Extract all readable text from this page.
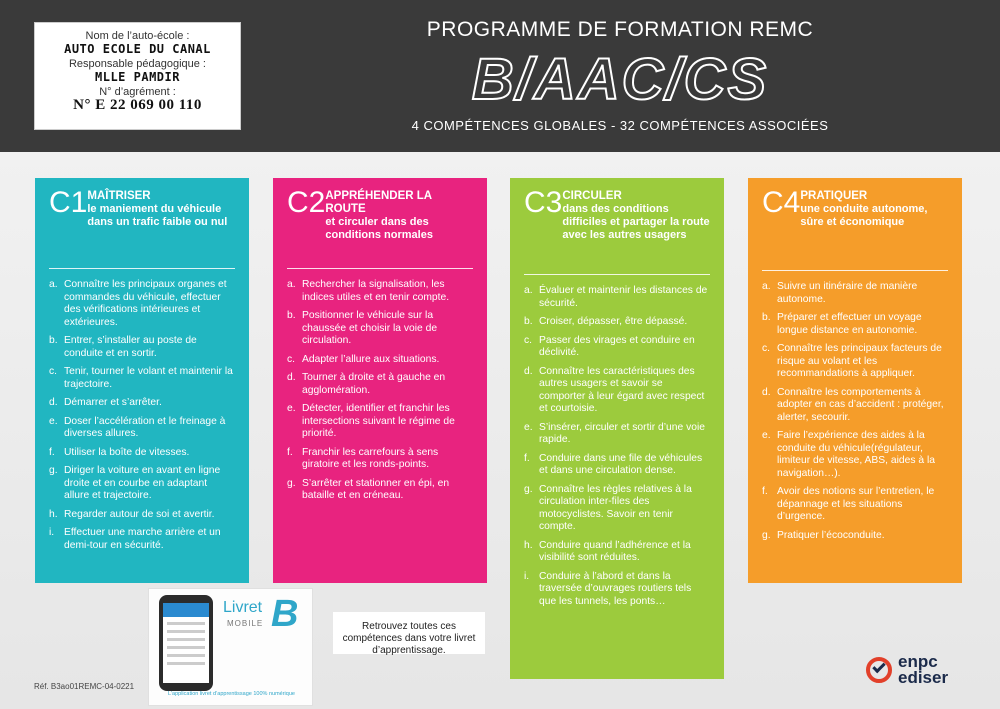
Nom de l’auto-école :
AUTO ECOLE DU CANAL
Responsable pédagogique :
MLLE PAMDIR
N° d’agrément :
N° E 22 069 00 110
PROGRAMME DE FORMATION REMC
B/AAC/CS
4 COMPÉTENCES GLOBALES - 32 COMPÉTENCES ASSOCIÉES
C1 MAÎTRISER
le maniement du véhicule dans un trafic faible ou nul
a. Connaître les principaux organes et commandes du véhicule, effectuer des vérifications intérieures et extérieures.
b. Entrer, s’installer au poste de conduite et en sortir.
c. Tenir, tourner le volant et maintenir la trajectoire.
d. Démarrer et s’arrêter.
e. Doser l’accélération et le freinage à diverses allures.
f. Utiliser la boîte de vitesses.
g. Diriger la voiture en avant en ligne droite et en courbe en adaptant allure et trajectoire.
h. Regarder autour de soi et avertir.
i. Effectuer une marche arrière et un demi-tour en sécurité.
C2 APPRÉHENDER LA ROUTE
et circuler dans des conditions normales
a. Rechercher la signalisation, les indices utiles et en tenir compte.
b. Positionner le véhicule sur la chaussée et choisir la voie de circulation.
c. Adapter l’allure aux situations.
d. Tourner à droite et à gauche en agglomération.
e. Détecter, identifier et franchir les intersections suivant le régime de priorité.
f. Franchir les carrefours à sens giratoire et les ronds-points.
g. S’arrêter et stationner en épi, en bataille et en créneau.
C3 CIRCULER
dans des conditions difficiles et partager la route avec les autres usagers
a. Évaluer et maintenir les distances de sécurité.
b. Croiser, dépasser, être dépassé.
c. Passer des virages et conduire en déclivité.
d. Connaître les caractéristiques des autres usagers et savoir se comporter à leur égard avec respect et courtoisie.
e. S’insérer, circuler et sortir d’une voie rapide.
f. Conduire dans une file de véhicules et dans une circulation dense.
g. Connaître les règles relatives à la circulation inter-files des motocyclistes. Savoir en tenir compte.
h. Conduire quand l’adhérence et la visibilité sont réduites.
i. Conduire à l’abord et dans la traversée d’ouvrages routiers tels que les tunnels, les ponts…
C4 PRATIQUER
une conduite autonome, sûre et économique
a. Suivre un itinéraire de manière autonome.
b. Préparer et effectuer un voyage longue distance en autonomie.
c. Connaître les principaux facteurs de risque au volant et les recommandations à appliquer.
d. Connaître les comportements à adopter en cas d’accident : protéger, alerter, secourir.
e. Faire l’expérience des aides à la conduite du véhicule(régulateur, limiteur de vitesse, ABS, aides à la navigation…).
f. Avoir des notions sur l’entretien, le dépannage et les situations d’urgence.
g. Pratiquer l’écoconduite.
Livret B
MOBILE
L’application livret d’apprentissage 100% numérique
Retrouvez toutes ces compétences dans votre livret d’apprentissage.
Réf. B3ao01REMC-04-0221
enpc
ediser
